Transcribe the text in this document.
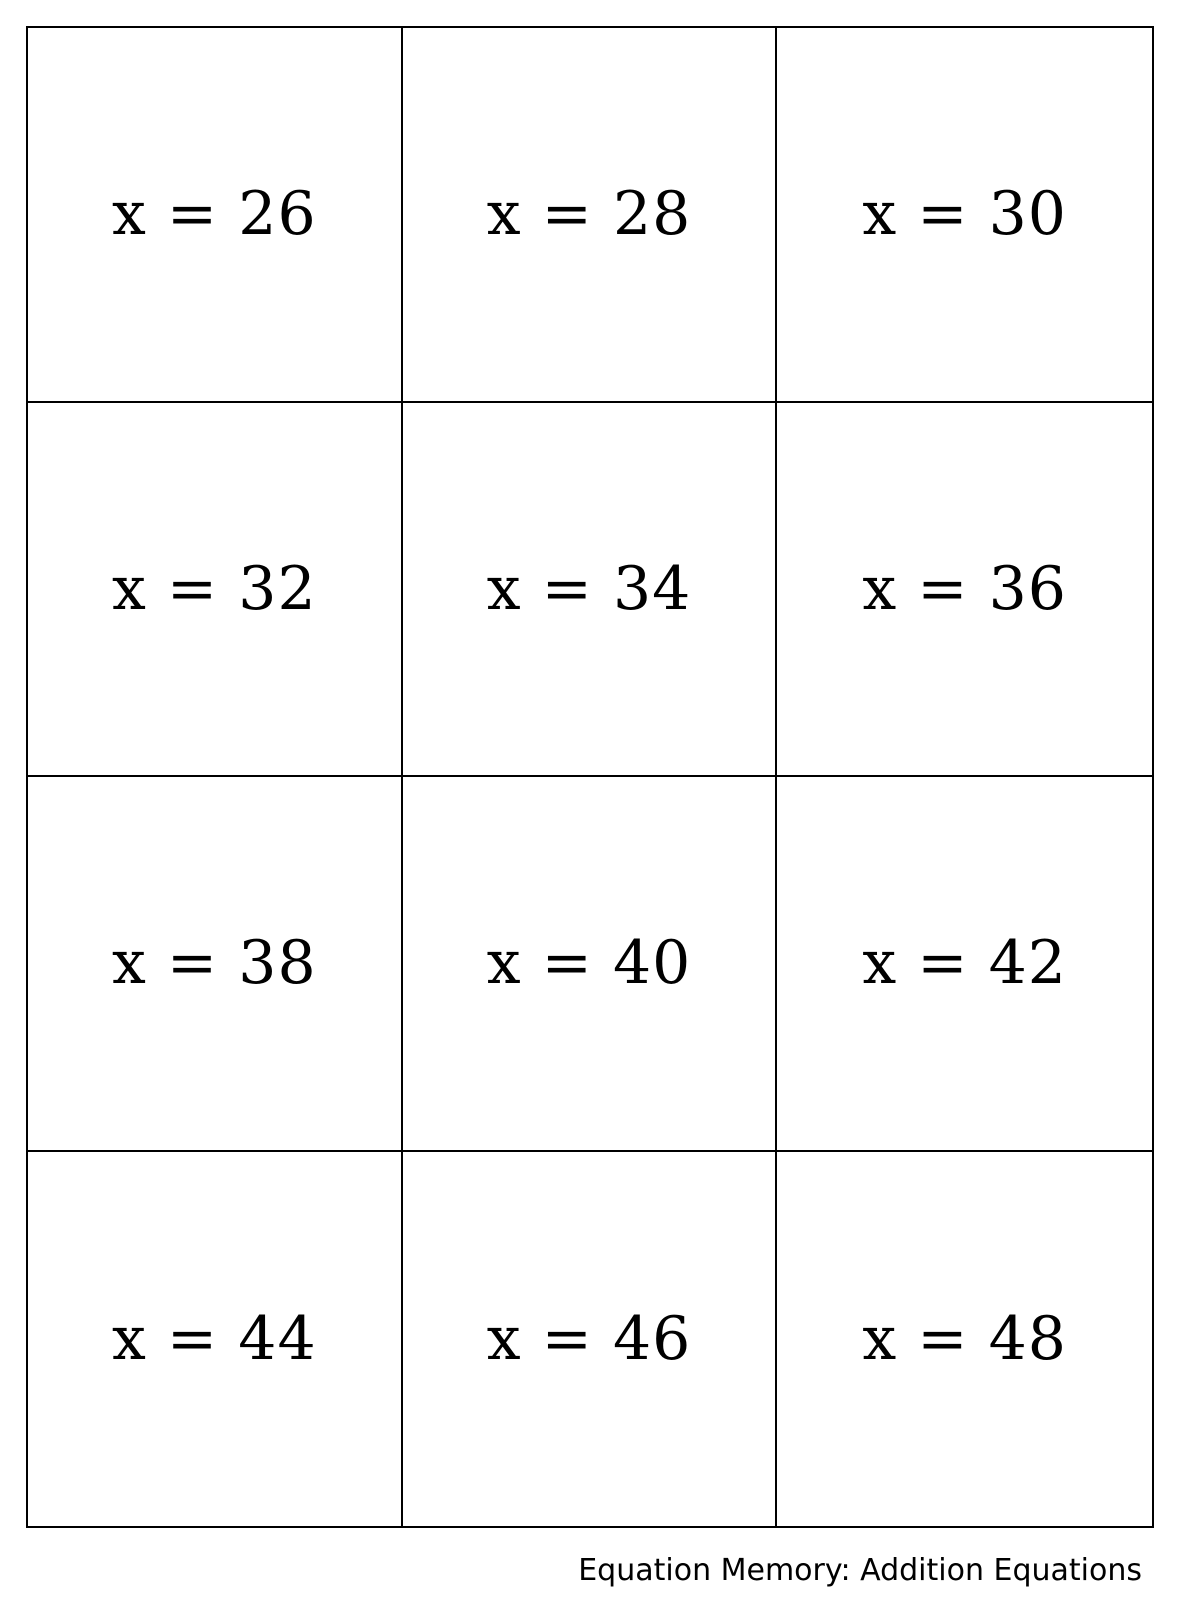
x = 26	x = 28	x = 30
x = 32	x = 34	x = 36
x = 38	x = 40	x = 42
x = 44	x = 46	x = 48
Equation Memory: Addition Equations
